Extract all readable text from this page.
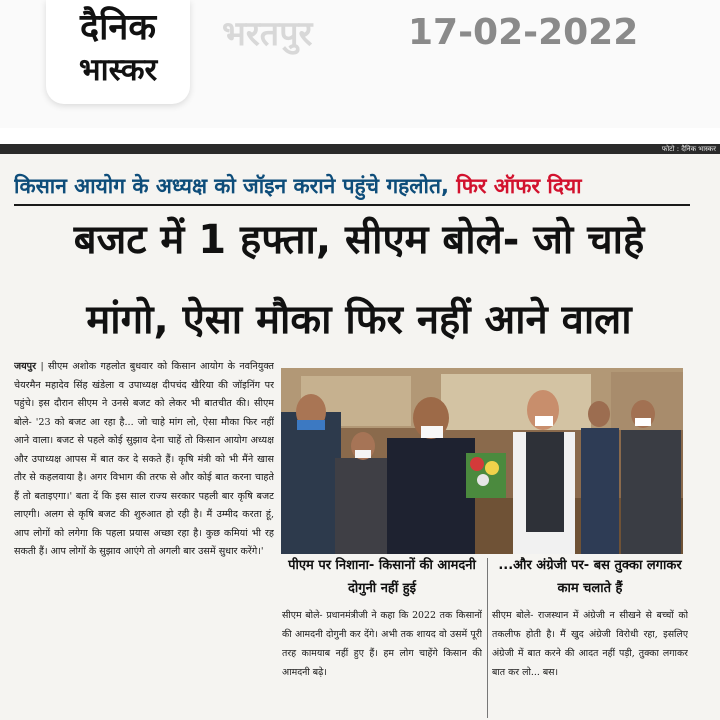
दैनिक
भास्कर
भरतपुर	17-02-2022
फोटो : दैनिक भास्कर
किसान आयोग के अध्यक्ष को जॉइन कराने पहुंचे गहलोत, फिर ऑफर दिया
बजट में 1 हफ्ता, सीएम बोले- जो चाहे
मांगो, ऐसा मौका फिर नहीं आने वाला
जयपुर | सीएम अशोक गहलोत बुधवार को किसान आयोग के नवनियुक्त चेयरमैन महादेव सिंह खंडेला व उपाध्यक्ष दीपचंद खैरिया की जॉइनिंग पर पहुंचे। इस दौरान सीएम ने उनसे बजट को लेकर भी बातचीत की। सीएम बोले- '23 को बजट आ रहा है... जो चाहे मांग लो, ऐसा मौका फिर नहीं आने वाला। बजट से पहले कोई सुझाव देना चाहें तो किसान आयोग अध्यक्ष और उपाध्यक्ष आपस में बात कर दे सकते हैं। कृषि मंत्री को भी मैंने खास तौर से कहलवाया है। अगर विभाग की तरफ से और कोई बात करना चाहते हैं तो बताइएगा।' बता दें कि इस साल राज्य सरकार पहली बार कृषि बजट लाएगी। अलग से कृषि बजट की शुरुआत हो रही है। मैं उम्मीद करता हूं, आप लोगों को लगेगा कि पहला प्रयास अच्छा रहा है। कुछ कमियां भी रह सकती हैं। आप लोगों के सुझाव आएंगे तो अगली बार उसमें सुधार करेंगे।'
पीएम पर निशाना- किसानों की आमदनी दोगुनी नहीं हुई
सीएम बोले- प्रधानमंत्रीजी ने कहा कि 2022 तक किसानों की आमदनी दोगुनी कर देंगे। अभी तक शायद वो उसमें पूरी तरह कामयाब नहीं हुए हैं। हम लोग चाहेंगे किसान की आमदनी बढ़े।
...और अंग्रेजी पर- बस तुक्का लगाकर काम चलाते हैं
सीएम बोले- राजस्थान में अंग्रेजी न सीखने से बच्चों को तकलीफ होती है। मैं खुद अंग्रेजी विरोधी रहा, इसलिए अंग्रेजी में बात करने की आदत नहीं पड़ी, तुक्का लगाकर बात कर लो... बस।
